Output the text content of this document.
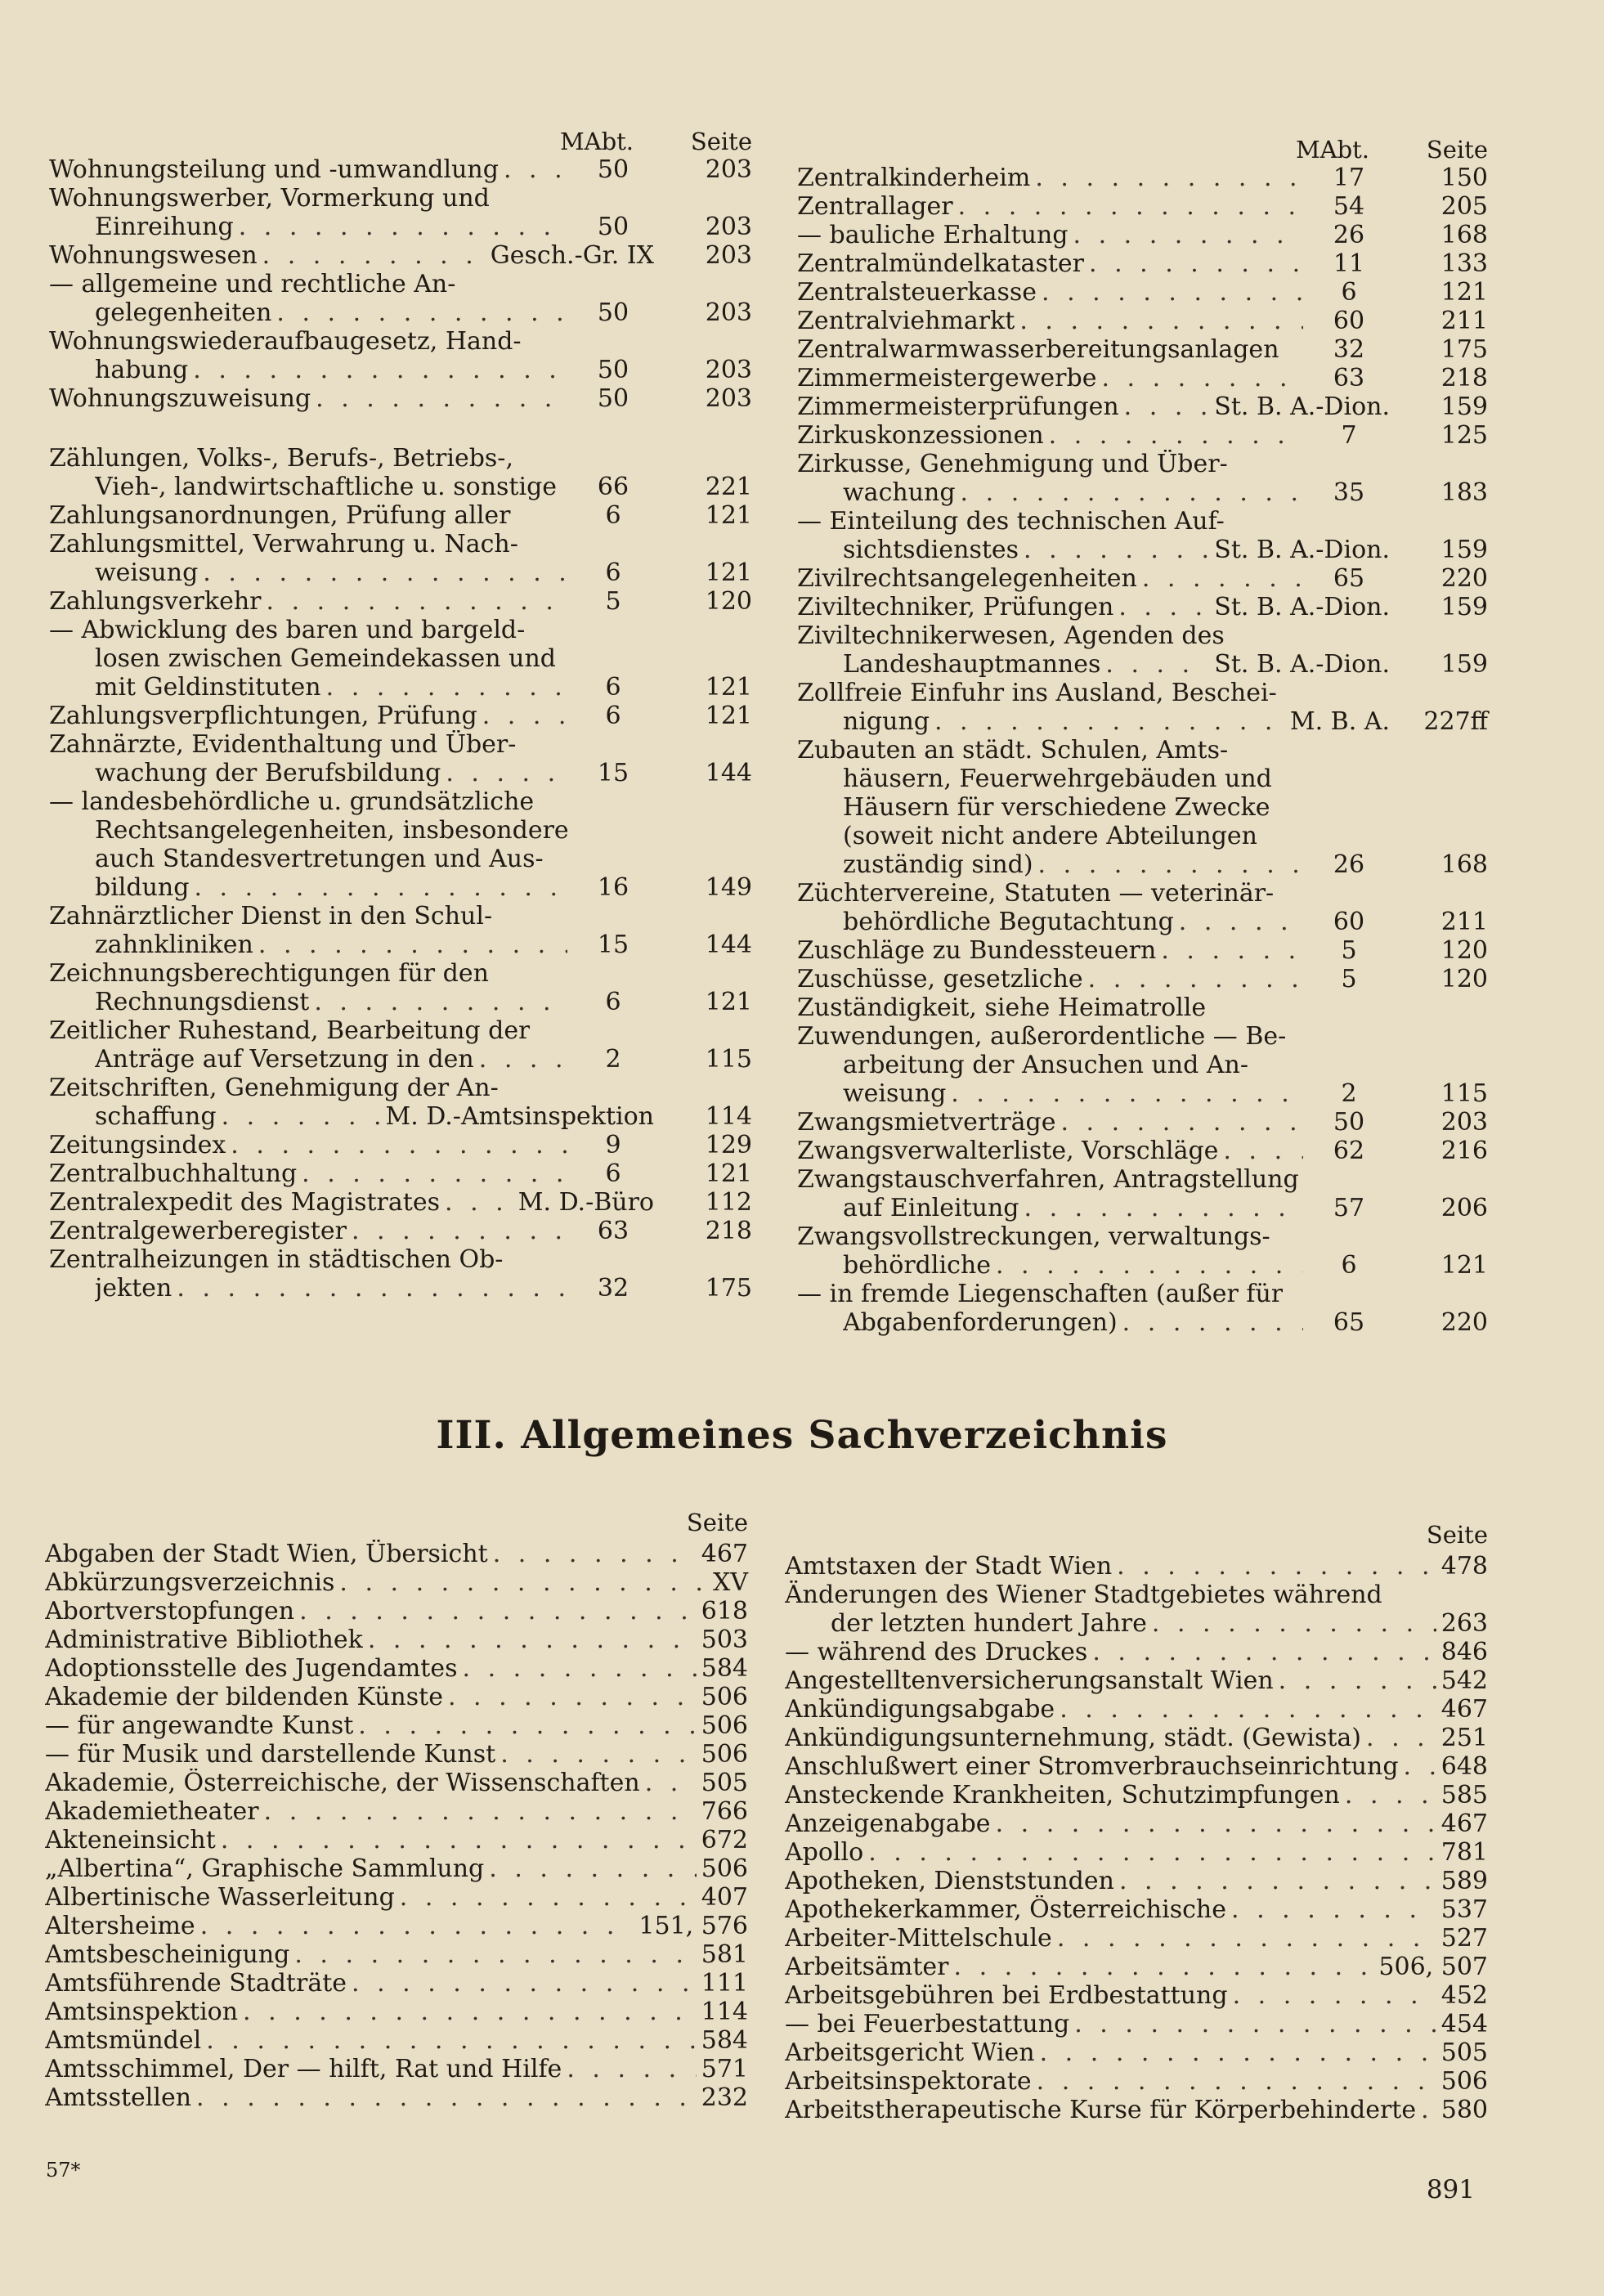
MAbt.	Seite
Wohnungsteilung und -umwandlung . . .	50	203
Wohnungswerber, Vormerkung und
Einreihung . . .	50	203
Wohnungswesen . . .	Gesch.-Gr. IX	203
— allgemeine und rechtliche An-
gelegenheiten . . .	50	203
Wohnungswiederaufbaugesetz, Hand-
habung . . .	50	203
Wohnungszuweisung . . .	50	203
Zählungen, Volks-, Berufs-, Betriebs-,
Vieh-, landwirtschaftliche u. sonstige	66	221
Zahlungsanordnungen, Prüfung aller	6	121
Zahlungsmittel, Verwahrung u. Nach-
weisung . . .	6	121
Zahlungsverkehr . . .	5	120
— Abwicklung des baren und bargeld-
losen zwischen Gemeindekassen und
mit Geldinstituten . . .	6	121
Zahlungsverpflichtungen, Prüfung . . .	6	121
Zahnärzte, Evidenthaltung und Über-
wachung der Berufsbildung . . .	15	144
— landesbehördliche u. grundsätzliche
Rechtsangelegenheiten, insbesondere
auch Standesvertretungen und Aus-
bildung . . .	16	149
Zahnärztlicher Dienst in den Schul-
zahnkliniken . . .	15	144
Zeichnungsberechtigungen für den
Rechnungsdienst . . .	6	121
Zeitlicher Ruhestand, Bearbeitung der
Anträge auf Versetzung in den . . .	2	115
Zeitschriften, Genehmigung der An-
schaffung . . .	M. D.-Amtsinspektion	114
Zeitungsindex . . .	9	129
Zentralbuchhaltung . . .	6	121
Zentralexpedit des Magistrates . . .	M. D.-Büro	112
Zentralgewerberegister . . .	63	218
Zentralheizungen in städtischen Ob-
jekten . . .	32	175
MAbt.	Seite
Zentralkinderheim . . .	17	150
Zentrallager . . .	54	205
— bauliche Erhaltung . . .	26	168
Zentralmündelkataster . . .	11	133
Zentralsteuerkasse . . .	6	121
Zentralviehmarkt . . .	60	211
Zentralwarmwasserbereitungsanlagen	32	175
Zimmermeistergewerbe . . .	63	218
Zimmermeisterprüfungen . . .	St. B. A.-Dion.	159
Zirkuskonzessionen . . .	7	125
Zirkusse, Genehmigung und Über-
wachung . . .	35	183
— Einteilung des technischen Auf-
sichtsdienstes . . .	St. B. A.-Dion.	159
Zivilrechtsangelegenheiten . . .	65	220
Ziviltechniker, Prüfungen . . .	St. B. A.-Dion.	159
Ziviltechnikerwesen, Agenden des
Landeshauptmannes . . .	St. B. A.-Dion.	159
Zollfreie Einfuhr ins Ausland, Beschei-
nigung . . .	M. B. A.	227ff
Zubauten an städt. Schulen, Amts-
häusern, Feuerwehrgebäuden und
Häusern für verschiedene Zwecke
(soweit nicht andere Abteilungen
zuständig sind) . . .	26	168
Züchtervereine, Statuten — veterinär-
behördliche Begutachtung . . .	60	211
Zuschläge zu Bundessteuern . . .	5	120
Zuschüsse, gesetzliche . . .	5	120
Zuständigkeit, siehe Heimatrolle
Zuwendungen, außerordentliche — Be-
arbeitung der Ansuchen und An-
weisung . . .	2	115
Zwangsmietverträge . . .	50	203
Zwangsverwalterliste, Vorschläge . . .	62	216
Zwangstauschverfahren, Antragstellung
auf Einleitung . . .	57	206
Zwangsvollstreckungen, verwaltungs-
behördliche . . .	6	121
— in fremde Liegenschaften (außer für
Abgabenforderungen) . . .	65	220
III. Allgemeines Sachverzeichnis
Seite
Abgaben der Stadt Wien, Übersicht . . .	467
Abkürzungsverzeichnis . . .	XV
Abortverstopfungen . . .	618
Administrative Bibliothek . . .	503
Adoptionsstelle des Jugendamtes . . .	584
Akademie der bildenden Künste . . .	506
— für angewandte Kunst . . .	506
— für Musik und darstellende Kunst . . .	506
Akademie, Österreichische, der Wissenschaften . . .	505
Akademietheater . . .	766
Akteneinsicht . . .	672
„Albertina“, Graphische Sammlung . . .	506
Albertinische Wasserleitung . . .	407
Altersheime . . .	151, 576
Amtsbescheinigung . . .	581
Amtsführende Stadträte . . .	111
Amtsinspektion . . .	114
Amtsmündel . . .	584
Amtsschimmel, Der — hilft, Rat und Hilfe . . .	571
Amtsstellen . . .	232
Seite
Amtstaxen der Stadt Wien . . .	478
Änderungen des Wiener Stadtgebietes während
der letzten hundert Jahre . . .	263
— während des Druckes . . .	846
Angestelltenversicherungsanstalt Wien . . .	542
Ankündigungsabgabe . . .	467
Ankündigungsunternehmung, städt. (Gewista) . . .	251
Anschlußwert einer Stromverbrauchseinrichtung . . . 648
Ansteckende Krankheiten, Schutzimpfungen . . .	585
Anzeigenabgabe . . .	467
Apollo . . .	781
Apotheken, Dienststunden . . .	589
Apothekerkammer, Österreichische . . .	537
Arbeiter-Mittelschule . . .	527
Arbeitsämter . . .	506, 507
Arbeitsgebühren bei Erdbestattung . . .	452
— bei Feuerbestattung . . .	454
Arbeitsgericht Wien . . .	505
Arbeitsinspektorate . . .	506
Arbeitstherapeutische Kurse für Körperbehinderte . . . 580
57*
891
